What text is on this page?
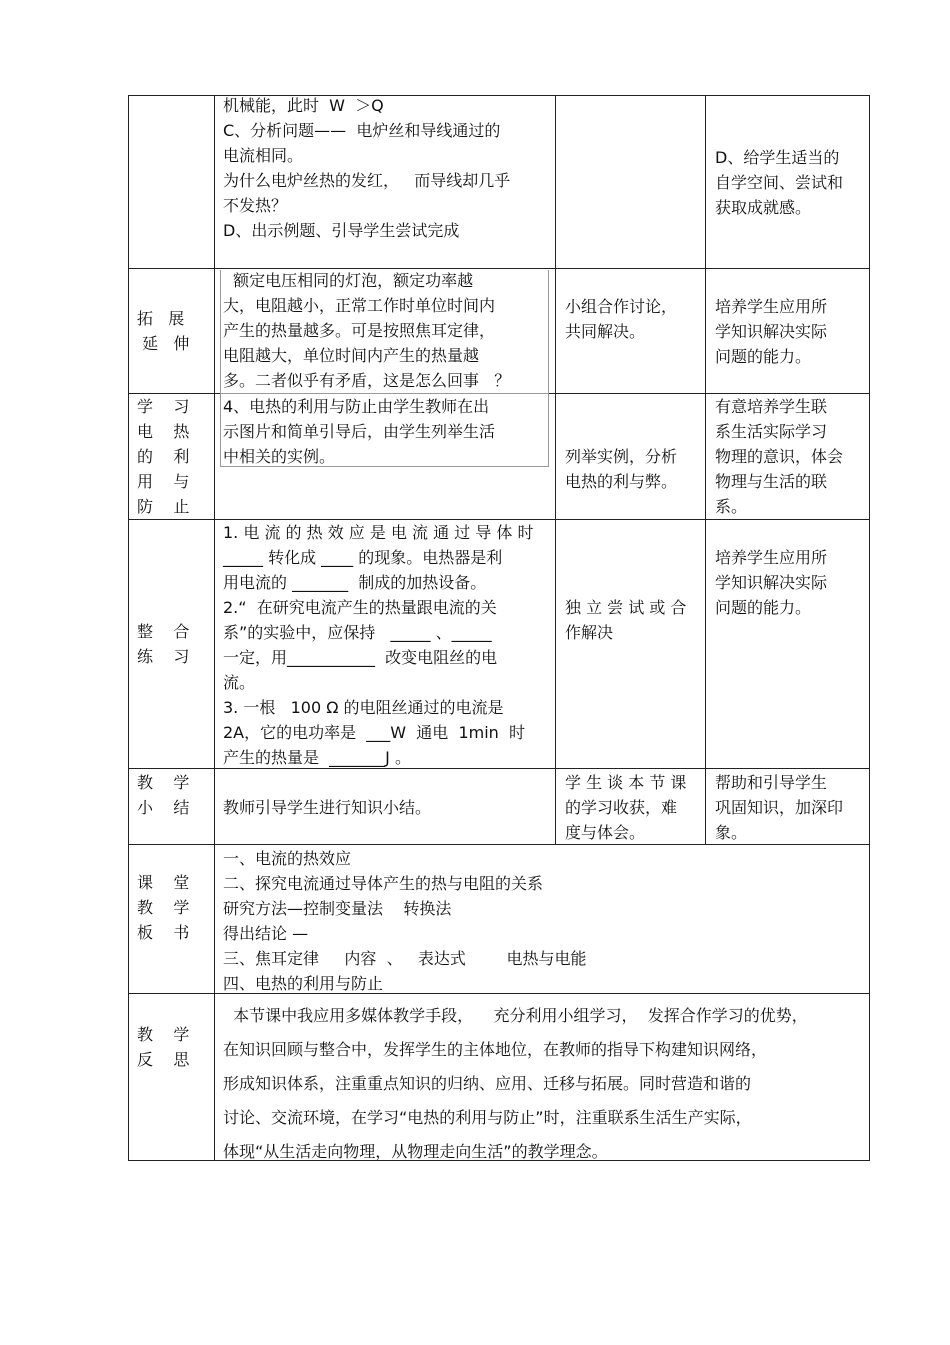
机械能，此时  W  ＞Q
C、分析问题——  电炉丝和导线通过的
电流相同。
为什么电炉丝热的发红，   而导线却几乎
不发热？
D、出示例题、引导学生尝试完成
D、给学生适当的
自学空间、尝试和
获取成就感。
拓   展
延   伸
额定电压相同的灯泡，额定功率越
大，电阻越小，正常工作时单位时间内
产生的热量越多。可是按照焦耳定律，
电阻越大，单位时间内产生的热量越
多。二者似乎有矛盾，这是怎么回事   ？
小组合作讨论，
共同解决。
培养学生应用所
学知识解决实际
问题的能力。
学    习
电    热
的    利
用    与
防    止
4、电热的利用与防止由学生教师在出
示图片和简单引导后，由学生列举生活
中相关的实例。	列举实例，分析
电热的利与弊。
有意培养学生联
系生活实际学习
物理的意识，体会
物理与生活的联
系。
整    合
练    习
1. 电 流 的 热 效 应 是 电 流 通 过 导 体 时
_____ 转化成 ____ 的现象。电热器是利
用电流的 _______  制成的加热设备。
2.“  在研究电流产生的热量跟电流的关
系”的实验中，应保持   _____ 、_____
一定，用___________  改变电阻丝的电
流。
3. 一根   100 Ω 的电阻丝通过的电流是
2A，它的电功率是  ___W  通电  1min  时
产生的热量是  _______J 。
独 立 尝 试 或 合
作解决
培养学生应用所
学知识解决实际
问题的能力。
教    学
小    结 教师引导学生进行知识小结。
学 生 谈 本 节 课
的学习收获，难
度与体会。
帮助和引导学生
巩固知识，加深印
象。
课    堂
教    学
板    书
一、电流的热效应
二、探究电流通过导体产生的热与电阻的关系
研究方法—控制变量法    转换法
得出结论 —
三、焦耳定律     内容  、   表达式        电热与电能
四、电热的利用与防止
教    学
反    思
本节课中我应用多媒体教学手段，    充分利用小组学习，  发挥合作学习的优势，
在知识回顾与整合中，发挥学生的主体地位，在教师的指导下构建知识网络，
形成知识体系，注重重点知识的归纳、应用、迁移与拓展。同时营造和谐的
讨论、交流环境，在学习“电热的利用与防止”时，注重联系生活生产实际，
体现“从生活走向物理，从物理走向生活”的教学理念。
